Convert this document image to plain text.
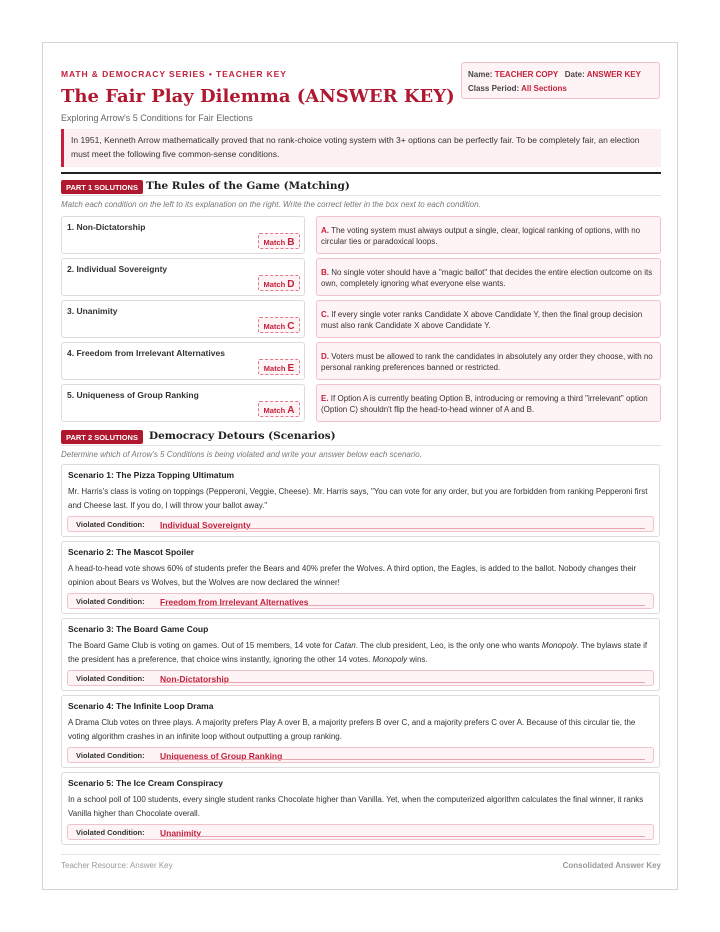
MATH & DEMOCRACY SERIES • TEACHER KEY
The Fair Play Dilemma (ANSWER KEY)
Exploring Arrow's 5 Conditions for Fair Elections
Name: TEACHER COPY Date: ANSWER KEY
Class Period: All Sections
In 1951, Kenneth Arrow mathematically proved that no rank-choice voting system with 3+ options can be perfectly fair. To be completely fair, an election must meet the following five common-sense conditions.
PART 1 SOLUTIONS The Rules of the Game (Matching)
Match each condition on the left to its explanation on the right. Write the correct letter in the box next to each condition.
1. Non-Dictatorship
Match B
2. Individual Sovereignty
Match D
3. Unanimity
Match C
4. Freedom from Irrelevant Alternatives
Match E
5. Uniqueness of Group Ranking
Match A
A. The voting system must always output a single, clear, logical ranking of options, with no circular ties or paradoxical loops.
B. No single voter should have a "magic ballot" that decides the entire election outcome on its own, completely ignoring what everyone else wants.
C. If every single voter ranks Candidate X above Candidate Y, then the final group decision must also rank Candidate X above Candidate Y.
D. Voters must be allowed to rank the candidates in absolutely any order they choose, with no personal ranking preferences banned or restricted.
E. If Option A is currently beating Option B, introducing or removing a third "irrelevant" option (Option C) shouldn't flip the head-to-head winner of A and B.
PART 2 SOLUTIONS	Democracy Detours (Scenarios)
Determine which of Arrow's 5 Conditions is being violated and write your answer below each scenario.
Scenario 1: The Pizza Topping Ultimatum
Mr. Harris's class is voting on toppings (Pepperoni, Veggie, Cheese). Mr. Harris says, "You can vote for any order, but you are forbidden from ranking Pepperoni first and Cheese last. If you do, I will throw your ballot away."
Violated Condition: Individual Sovereignty
Scenario 2: The Mascot Spoiler
A head-to-head vote shows 60% of students prefer the Bears and 40% prefer the Wolves. A third option, the Eagles, is added to the ballot. Nobody changes their opinion about Bears vs Wolves, but the Wolves are now declared the winner!
Violated Condition: Freedom from Irrelevant Alternatives
Scenario 3: The Board Game Coup
The Board Game Club is voting on games. Out of 15 members, 14 vote for Catan. The club president, Leo, is the only one who wants Monopoly. The bylaws state if the president has a preference, that choice wins instantly, ignoring the other 14 votes. Monopoly wins.
Violated Condition: Non-Dictatorship
Scenario 4: The Infinite Loop Drama
A Drama Club votes on three plays. A majority prefers Play A over B, a majority prefers B over C, and a majority prefers C over A. Because of this circular tie, the voting algorithm crashes in an infinite loop without outputting a group ranking.
Violated Condition: Uniqueness of Group Ranking
Scenario 5: The Ice Cream Conspiracy
In a school poll of 100 students, every single student ranks Chocolate higher than Vanilla. Yet, when the computerized algorithm calculates the final winner, it ranks Vanilla higher than Chocolate overall.
Violated Condition: Unanimity
Teacher Resource: Answer Key	Consolidated Answer Key
